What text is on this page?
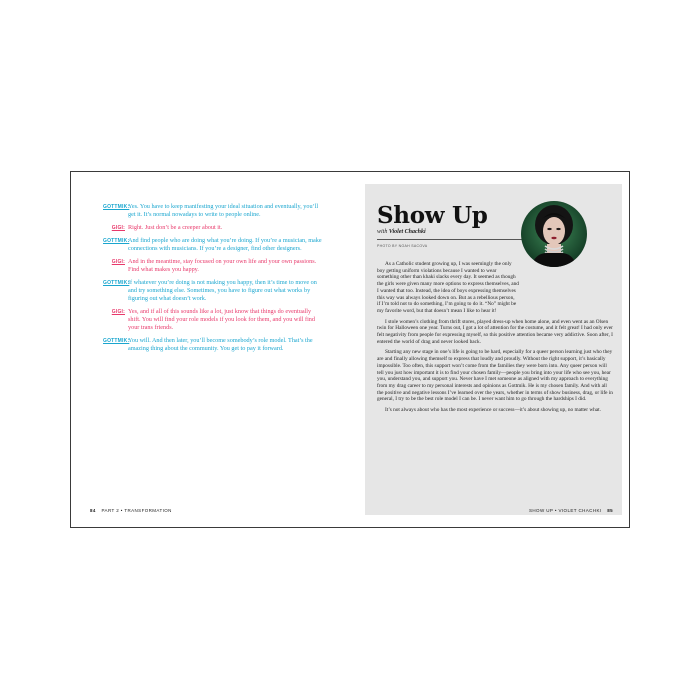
GOTTMIK:
Yes. You have to keep manifesting your ideal situation and eventually, you’ll get it. It’s normal nowadays to write to people online.
GIGI: Right. Just don’t be a creeper about it.
GOTTMIK:
And find people who are doing what you’re doing. If you’re a musician, make connections with musicians. If you’re a designer, find other designers.
GIGI: And in the meantime, stay focused on your own life and your own passions. Find what makes you happy.
GOTTMIK:
If whatever you’re doing is not making you happy, then it’s time to move on and try something else. Sometimes, you have to figure out what works by figuring out what doesn’t work.
GIGI: Yes, and if all of this sounds like a lot, just know that things do eventually shift. You will find your role models if you look for them, and you will find your trans friends.
GOTTMIK:
You will. And then later, you’ll become somebody’s role model. That’s the amazing thing about the community. You get to pay it forward.
84 PART 2 • TRANSFORMATION
Show Up
with Violet Chachki
PHOTO BY NOAH SACOVA

As a Catholic student growing up, I was seemingly the only boy getting uniform violations because I wanted to wear something other than khaki slacks every day. It seemed as though the girls were given many more options to express themselves, and I wanted that too. Instead, the idea of boys expressing themselves this way was always looked down on. But as a rebellious person, if I’m told not to do something, I’m going to do it. “No” might be my favorite word, but that doesn’t mean I like to hear it!

I stole women’s clothing from thrift stores, played dress-up when home alone, and even went as an Olsen twin for Halloween one year. Turns out, I got a lot of attention for the costume, and it felt great! I had only ever felt negativity from people for expressing myself, so this positive attention became very addictive. Soon after, I entered the world of drag and never looked back.

Starting any new stage in one’s life is going to be hard, especially for a queer person learning just who they are and finally allowing themself to express that loudly and proudly. Without the right support, it’s basically impossible. Too often, this support won’t come from the families they were born into. Any queer person will tell you just how important it is to find your chosen family—people you bring into your life who see you, hear you, understand you, and support you. Never have I met someone as aligned with my approach to everything from my drag career to my personal interests and opinions as Gottmik. He is my chosen family. And with all the positive and negative lessons I’ve learned over the years, whether in terms of show business, drag, or life in general, I try to be the best role model I can be. I never want him to go through the hardships I did.

It’s not always about who has the most experience or success—it’s about showing up, no matter what.

SHOW UP • VIOLET CHACHKI 85
